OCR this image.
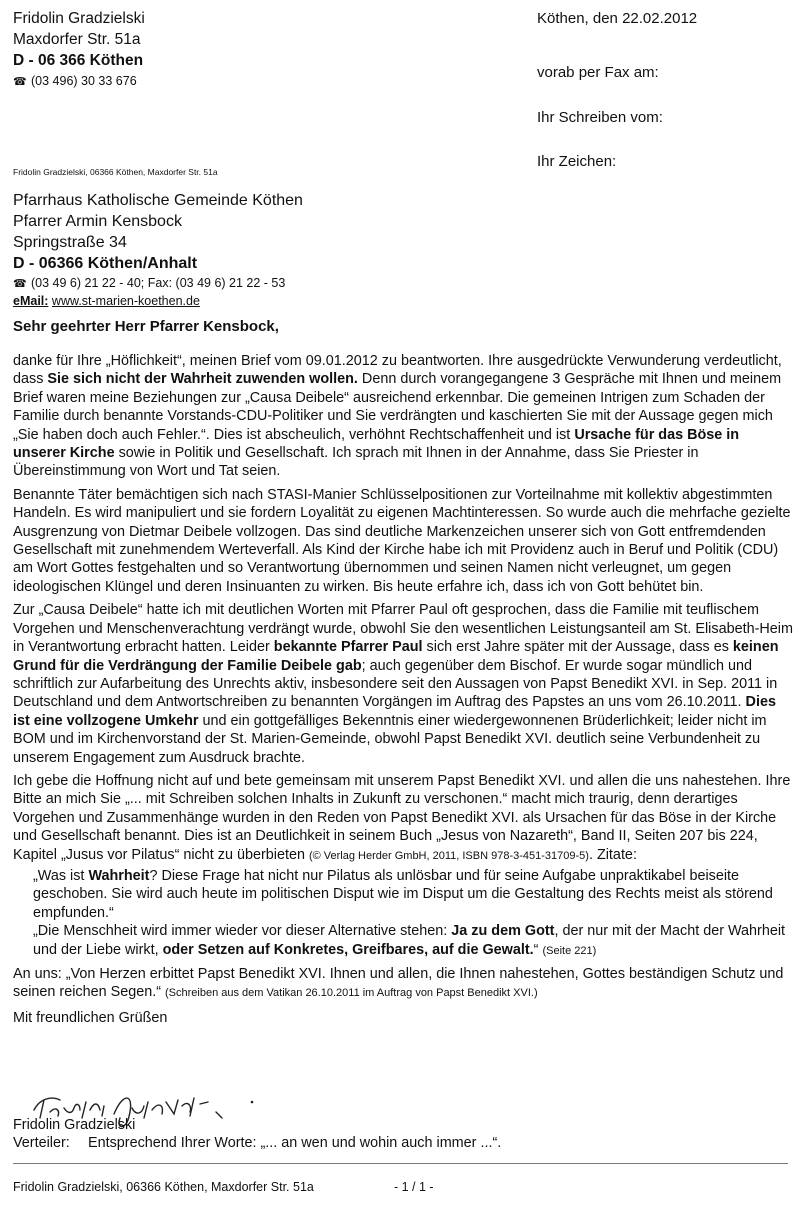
Fridolin Gradzielski
Maxdorfer Str. 51a
D - 06 366 Köthen
☎ (03 496) 30 33 676
Köthen, den 22.02.2012
vorab per Fax am:
Ihr Schreiben vom:
Ihr Zeichen:
Fridolin Gradzielski, 06366 Köthen, Maxdorfer Str. 51a
Pfarrhaus Katholische Gemeinde Köthen
Pfarrer Armin Kensbock
Springstraße 34
D - 06366 Köthen/Anhalt
☎ (03 49 6) 21 22 - 40; Fax: (03 49 6) 21 22 - 53
eMail: www.st-marien-koethen.de
Sehr geehrter Herr Pfarrer Kensbock,

danke für Ihre „Höflichkeit“, meinen Brief vom 09.01.2012 zu beantworten. Ihre ausgedrückte Verwunderung verdeutlicht, dass Sie sich nicht der Wahrheit zuwenden wollen. Denn durch vorangegangene 3 Gespräche mit Ihnen und meinem Brief waren meine Beziehungen zur „Causa Deibele“ ausreichend erkennbar. Die gemeinen Intrigen zum Schaden der Familie durch benannte Vorstands-CDU-Politiker und Sie verdrängten und kaschierten Sie mit der Aussage gegen mich „Sie haben doch auch Fehler.“. Dies ist abscheulich, verhöhnt Rechtschaffenheit und ist Ursache für das Böse in unserer Kirche sowie in Politik und Gesellschaft. Ich sprach mit Ihnen in der Annahme, dass Sie Priester in Übereinstimmung von Wort und Tat seien.

Benannte Täter bemächtigen sich nach STASI-Manier Schlüsselpositionen zur Vorteilnahme mit kollektiv abgestimmten Handeln. Es wird manipuliert und sie fordern Loyalität zu eigenen Machtinteressen. So wurde auch die mehrfache gezielte Ausgrenzung von Dietmar Deibele vollzogen. Das sind deutliche Markenzeichen unserer sich von Gott entfremdenden Gesellschaft mit zunehmendem Werteverfall. Als Kind der Kirche habe ich mit Providenz auch in Beruf und Politik (CDU) am Wort Gottes festgehalten und so Verantwortung übernommen und seinen Namen nicht verleugnet, um gegen ideologischen Klüngel und deren Insinuanten zu wirken. Bis heute erfahre ich, dass ich von Gott behütet bin.

Zur „Causa Deibele“ hatte ich mit deutlichen Worten mit Pfarrer Paul oft gesprochen, dass die Familie mit teuflischem Vorgehen und Menschenverachtung verdrängt wurde, obwohl Sie den wesentlichen Leistungsanteil am St. Elisabeth-Heim in Verantwortung erbracht hatten. Leider bekannte Pfarrer Paul sich erst Jahre später mit der Aussage, dass es keinen Grund für die Verdrängung der Familie Deibele gab; auch gegenüber dem Bischof. Er wurde sogar mündlich und schriftlich zur Aufarbeitung des Unrechts aktiv, insbesondere seit den Aussagen von Papst Benedikt XVI. in Sep. 2011 in Deutschland und dem Antwortschreiben zu benannten Vorgängen im Auftrag des Papstes an uns vom 26.10.2011. Dies ist eine vollzogene Umkehr und ein gottgefälliges Bekenntnis einer wiedergewonnenen Brüderlichkeit; leider nicht im BOM und im Kirchenvorstand der St. Marien-Gemeinde, obwohl Papst Benedikt XVI. deutlich seine Verbundenheit zu unserem Engagement zum Ausdruck brachte.

Ich gebe die Hoffnung nicht auf und bete gemeinsam mit unserem Papst Benedikt XVI. und allen die uns nahestehen. Ihre Bitte an mich Sie „... mit Schreiben solchen Inhalts in Zukunft zu verschonen.“ macht mich traurig, denn derartiges Vorgehen und Zusammenhänge wurden in den Reden von Papst Benedikt XVI. als Ursachen für das Böse in der Kirche und Gesellschaft benannt. Dies ist an Deutlichkeit in seinem Buch „Jesus von Nazareth“, Band II, Seiten 207 bis 224, Kapitel „Jusus vor Pilatus“ nicht zu überbieten (© Verlag Herder GmbH, 2011, ISBN 978-3-451-31709-5). Zitate:

„Was ist Wahrheit? Diese Frage hat nicht nur Pilatus als unlösbar und für seine Aufgabe unpraktikabel beiseite geschoben. Sie wird auch heute im politischen Disput wie im Disput um die Gestaltung des Rechts meist als störend empfunden.“

„Die Menschheit wird immer wieder vor dieser Alternative stehen: Ja zu dem Gott, der nur mit der Macht der Wahrheit und der Liebe wirkt, oder Setzen auf Konkretes, Greifbares, auf die Gewalt.“ (Seite 221)

An uns: „Von Herzen erbittet Papst Benedikt XVI. Ihnen und allen, die Ihnen nahestehen, Gottes beständigen Schutz und seinen reichen Segen.“ (Schreiben aus dem Vatikan 26.10.2011 im Auftrag von Papst Benedikt XVI.)

Mit freundlichen Grüßen

Fridolin Gradzielski
Verteiler: Entsprechend Ihrer Worte: „... an wen und wohin auch immer ...“.
Fridolin Gradzielski, 06366 Köthen, Maxdorfer Str. 51a	- 1 / 1 -
